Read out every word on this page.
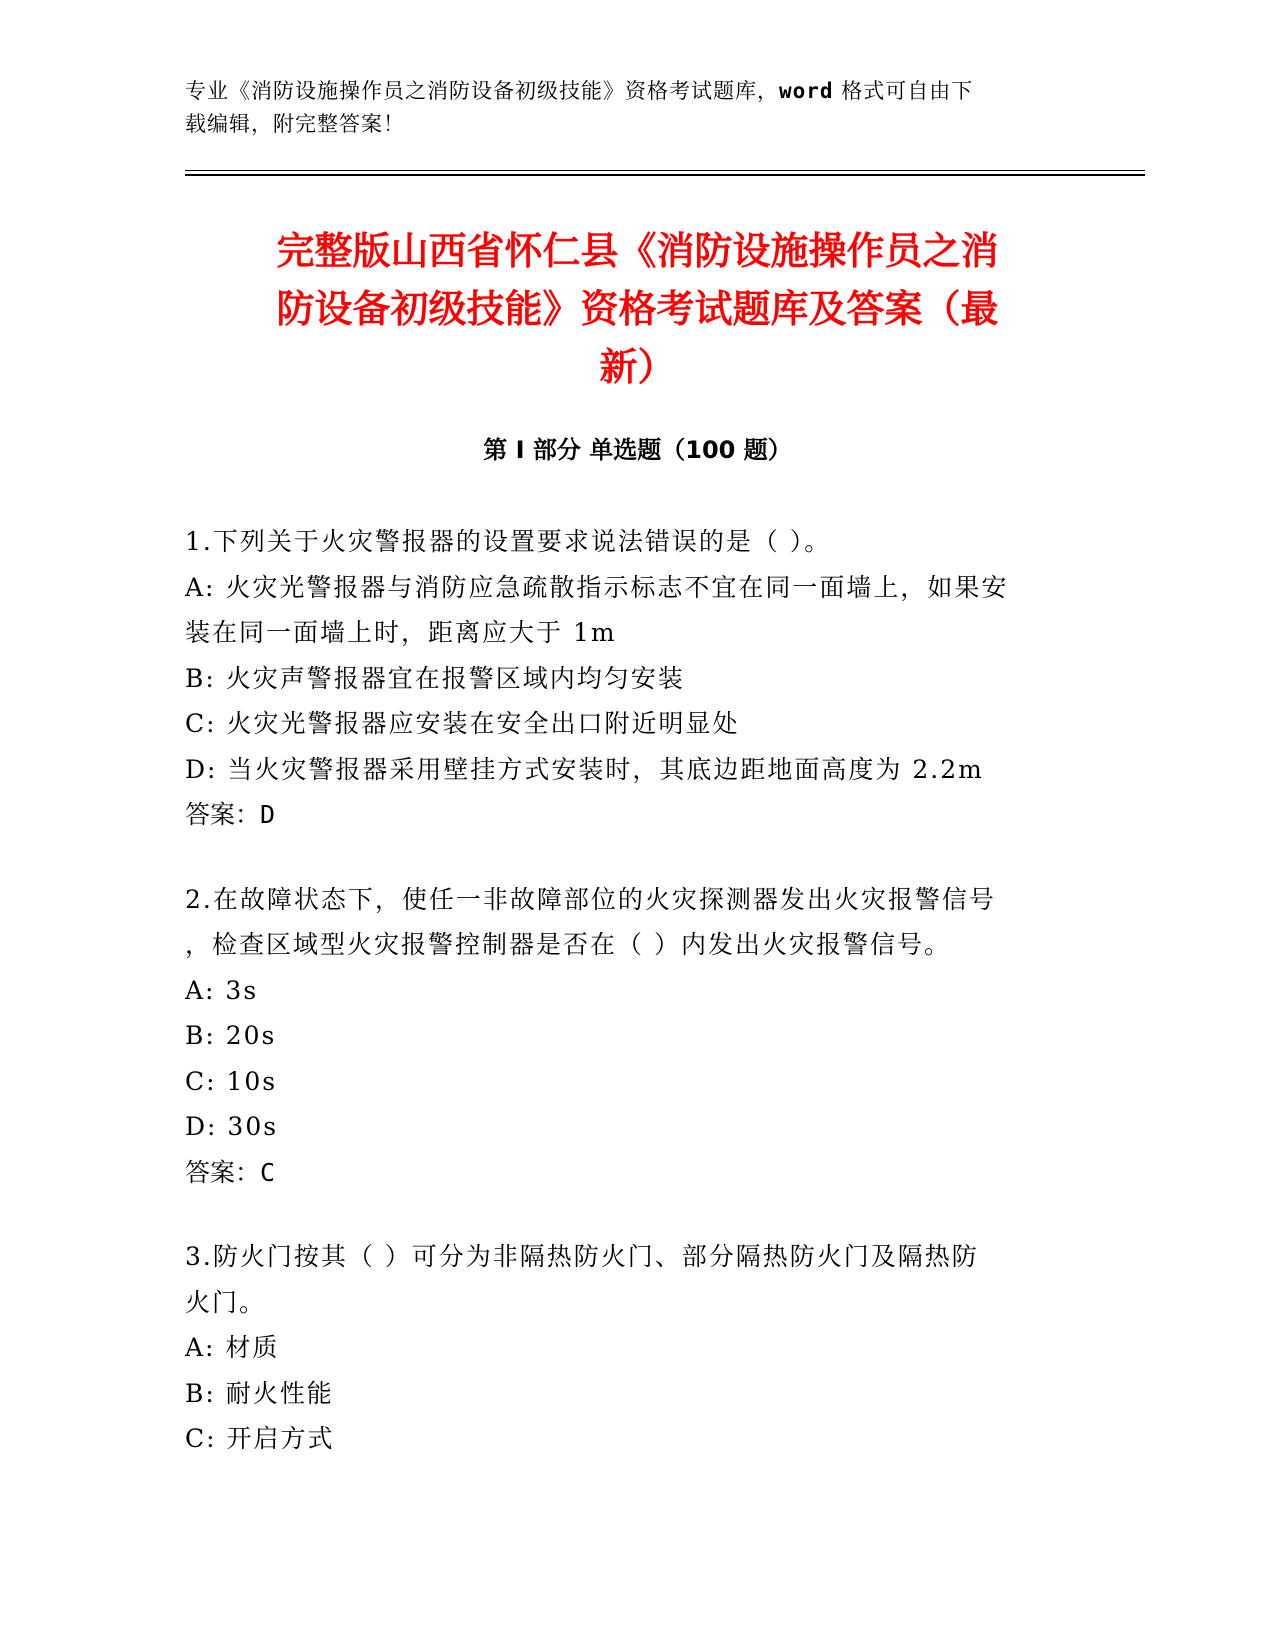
专业《消防设施操作员之消防设备初级技能》资格考试题库，word 格式可自由下
载编辑，附完整答案！
完整版山西省怀仁县《消防设施操作员之消
防设备初级技能》资格考试题库及答案（最
新）
第 I 部分 单选题（100 题）
1.下列关于火灾警报器的设置要求说法错误的是（ ）。
A: 火灾光警报器与消防应急疏散指示标志不宜在同一面墙上，如果安
装在同一面墙上时，距离应大于 1m
B: 火灾声警报器宜在报警区域内均匀安装
C: 火灾光警报器应安装在安全出口附近明显处
D: 当火灾警报器采用壁挂方式安装时，其底边距地面高度为 2.2m
答案：D
2.在故障状态下，使任一非故障部位的火灾探测器发出火灾报警信号
，检查区域型火灾报警控制器是否在（ ）内发出火灾报警信号。
A: 3s
B: 20s
C: 10s
D: 30s
答案：C
3.防火门按其（ ）可分为非隔热防火门、部分隔热防火门及隔热防
火门。
A: 材质
B: 耐火性能
C: 开启方式
